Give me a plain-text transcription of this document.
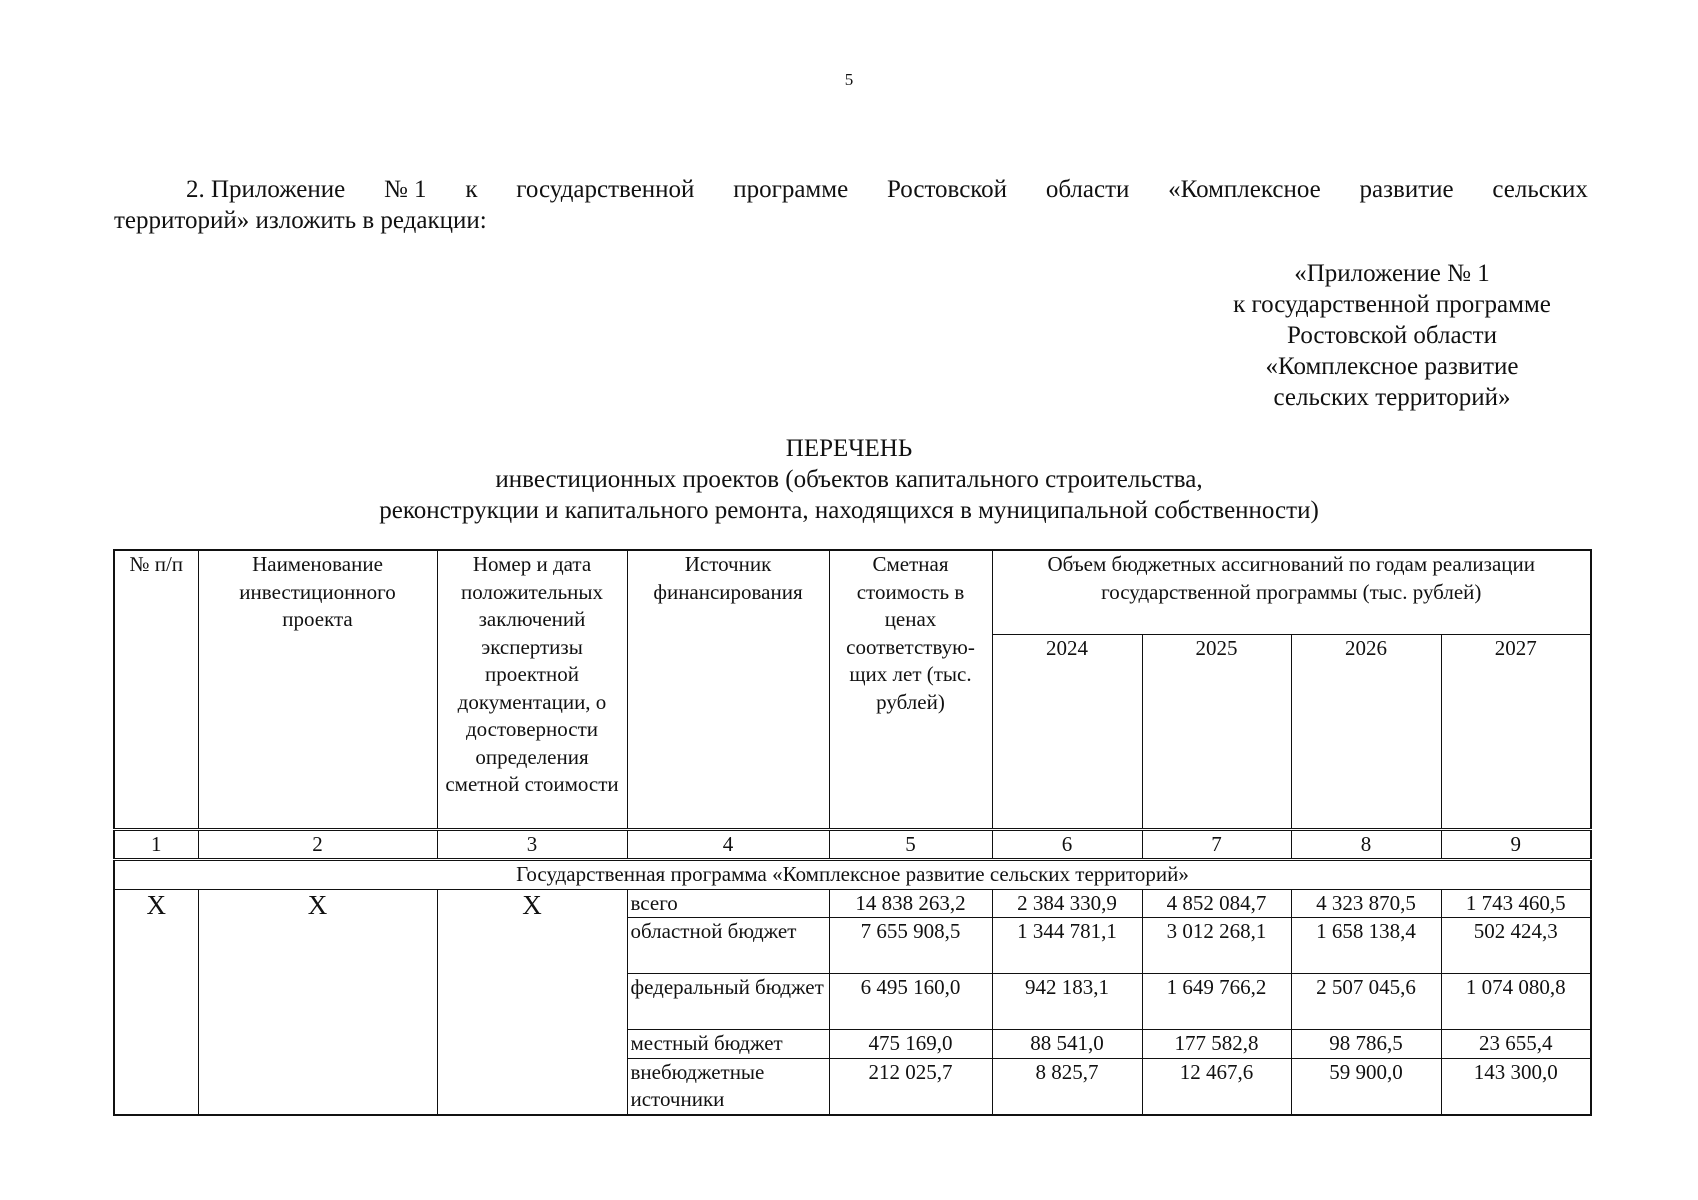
5
2. Приложение № 1 к государственной программе Ростовской области «Комплексное развитие сельских
территорий» изложить в редакции:
«Приложение № 1
к государственной программе
Ростовской области
«Комплексное развитие
сельских территорий»
ПЕРЕЧЕНЬ
инвестиционных проектов (объектов капитального строительства,
реконструкции и капитального ремонта, находящихся в муниципальной собственности)
№ п/п	Наименование инвестиционного проекта	Номер и дата положительных заключений экспертизы проектной документации, о достоверности определения сметной стоимости	Источник финансирования	Сметная стоимость в ценах соответствую-щих лет (тыс. рублей)	Объем бюджетных ассигнований по годам реализации государственной программы (тыс. рублей)			
					2024	2025	2026	2027
1	2	3	4	5	6	7	8	9
Государственная программа «Комплексное развитие сельских территорий»								
Х	Х	Х	всего	14 838 263,2	2 384 330,9	4 852 084,7	4 323 870,5	1 743 460,5
			областной бюджет	7 655 908,5	1 344 781,1	3 012 268,1	1 658 138,4	502 424,3
			федеральный бюджет	6 495 160,0	942 183,1	1 649 766,2	2 507 045,6	1 074 080,8
			местный бюджет	475 169,0	88 541,0	177 582,8	98 786,5	23 655,4
			внебюджетные источники	212 025,7	8 825,7	12 467,6	59 900,0	143 300,0
